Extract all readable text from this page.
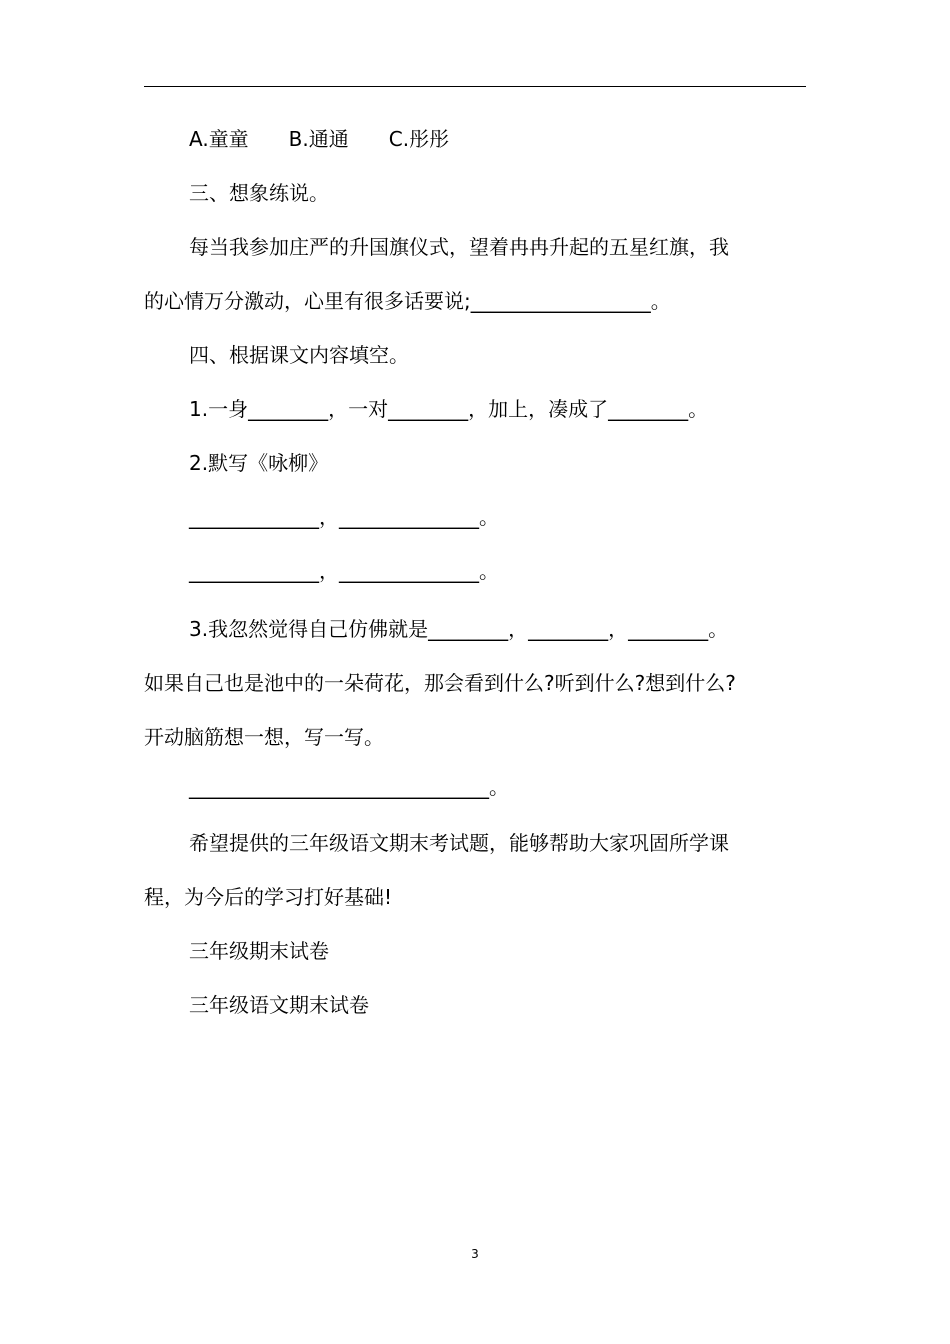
A.童童　　B.通通　　C.彤彤
三、想象练说。
每当我参加庄严的升国旗仪式，望着冉冉升起的五星红旗，我
的心情万分激动，心里有很多话要说;__________________。
四、根据课文内容填空。
1.一身________，一对________，加上，凑成了________。
2.默写《咏柳》
_____________，______________。
_____________，______________。
3.我忽然觉得自己仿佛就是________，________，________。
如果自己也是池中的一朵荷花，那会看到什么?听到什么?想到什么?
开动脑筋想一想，写一写。
______________________________。
希望提供的三年级语文期末考试题，能够帮助大家巩固所学课
程，为今后的学习打好基础!
三年级期末试卷
三年级语文期末试卷
3
